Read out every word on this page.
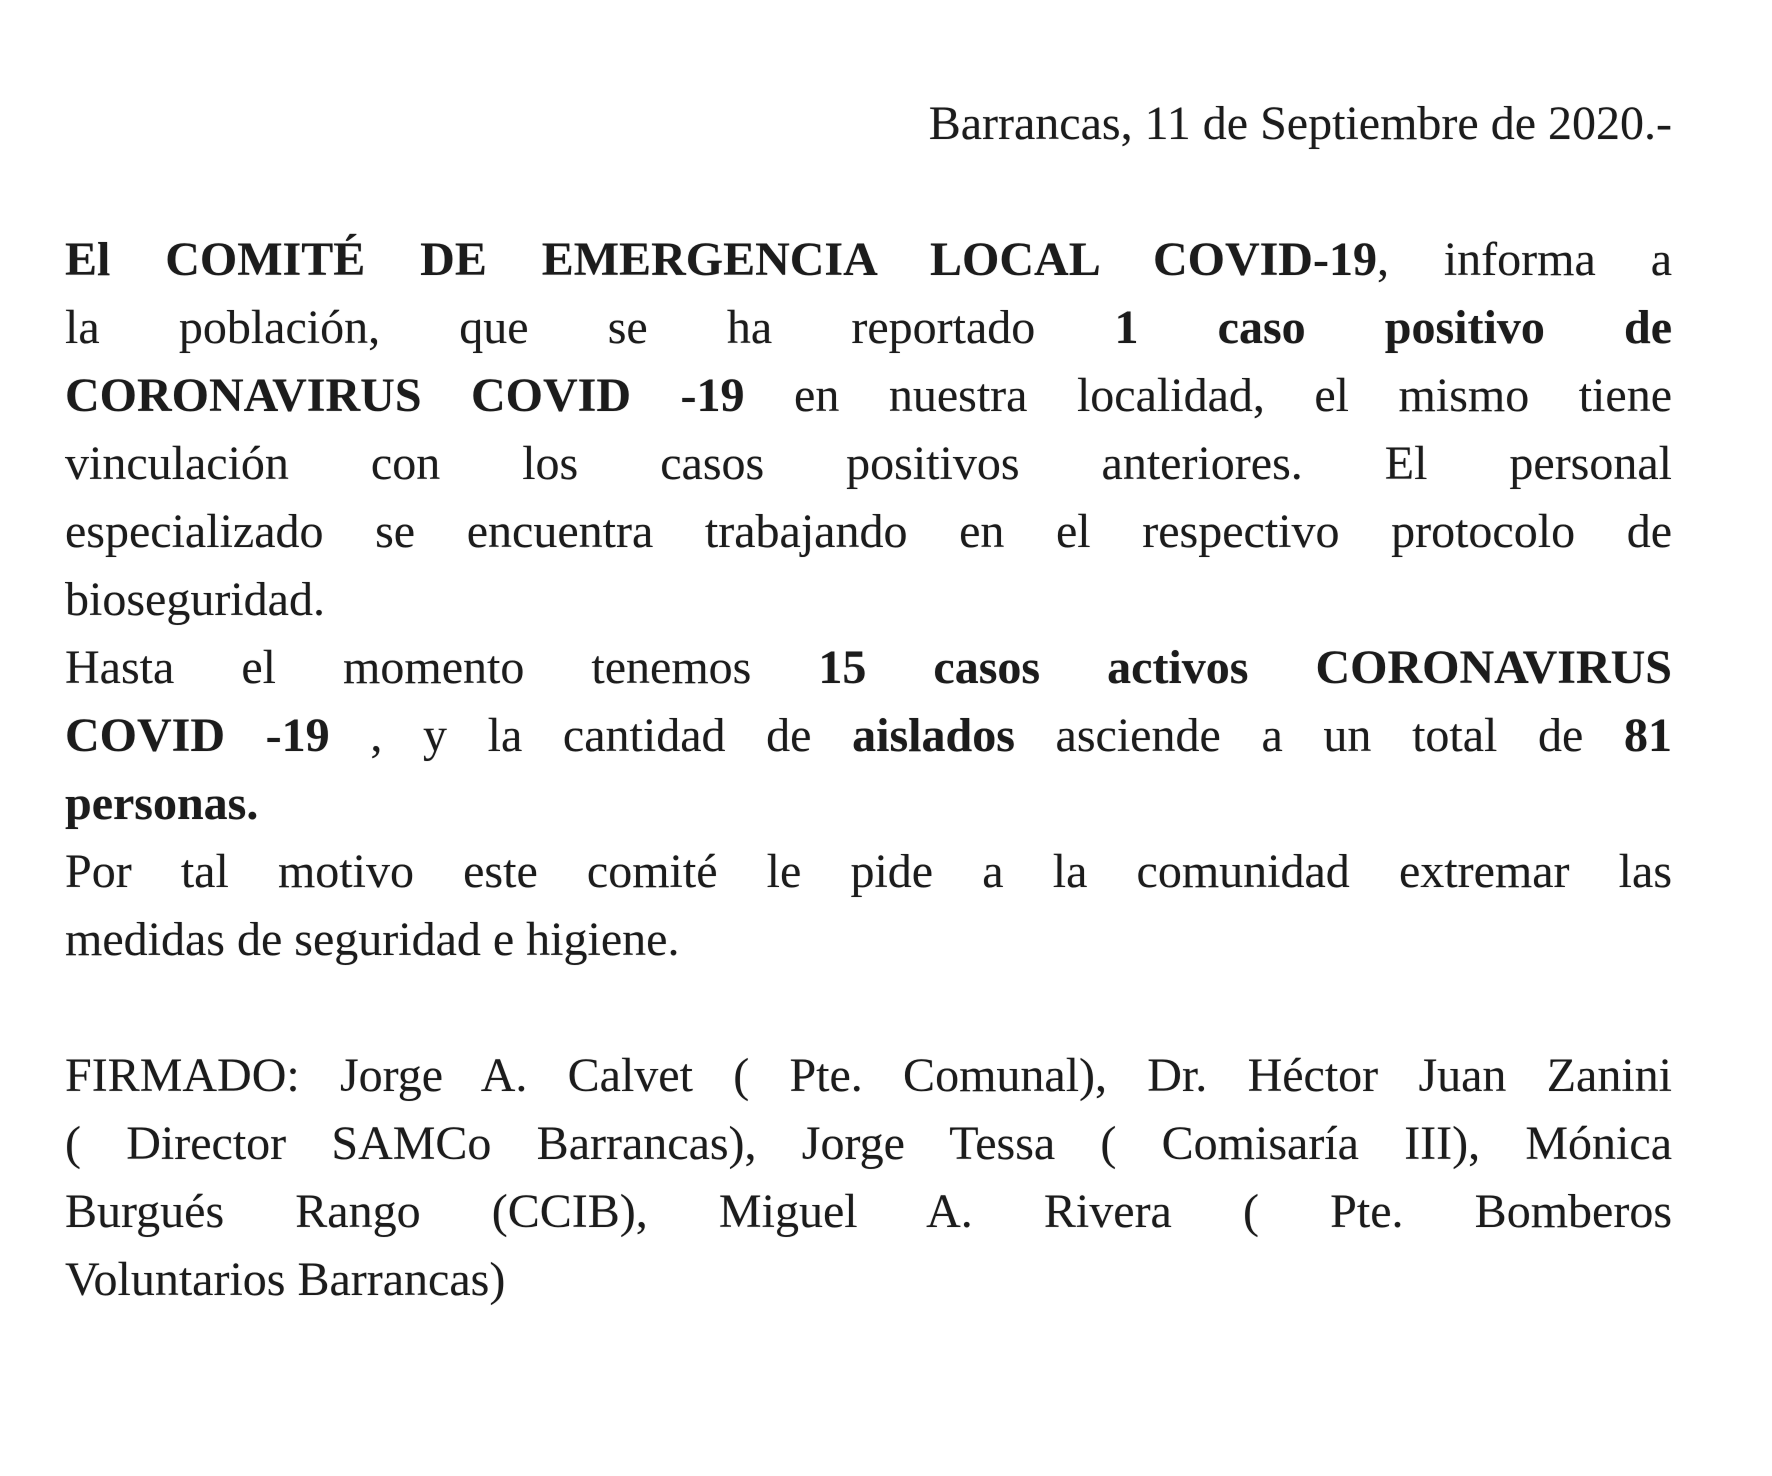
Barrancas, 11 de Septiembre de 2020.-

El COMITÉ DE EMERGENCIA LOCAL COVID-19, informa a
la población, que se ha reportado 1 caso positivo de
CORONAVIRUS COVID -19 en nuestra localidad, el mismo tiene
vinculación con los casos positivos anteriores. El personal
especializado se encuentra trabajando en el respectivo protocolo de
bioseguridad.
Hasta el momento tenemos 15 casos activos CORONAVIRUS
COVID -19 , y la cantidad de aislados asciende a un total de 81
personas.
Por tal motivo este comité le pide a la comunidad extremar las
medidas de seguridad e higiene.
FIRMADO: Jorge A. Calvet ( Pte. Comunal), Dr. Héctor Juan Zanini
( Director SAMCo Barrancas), Jorge Tessa ( Comisaría III), Mónica
Burgués Rango (CCIB), Miguel A. Rivera ( Pte. Bomberos
Voluntarios Barrancas)
